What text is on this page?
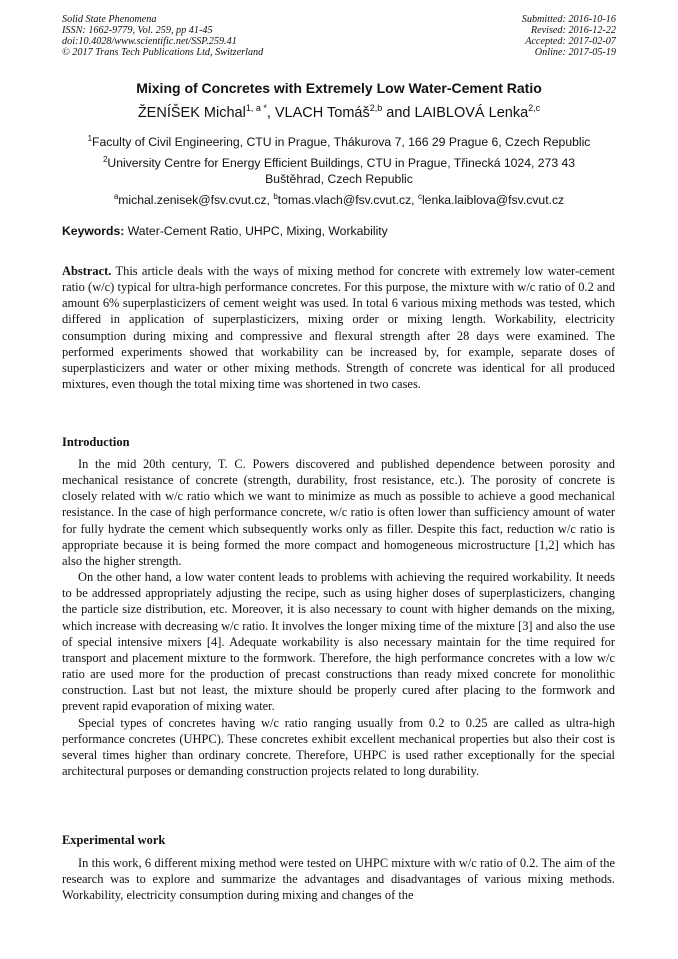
Solid State Phenomena
ISSN: 1662-9779, Vol. 259, pp 41-45
doi:10.4028/www.scientific.net/SSP.259.41
© 2017 Trans Tech Publications Ltd, Switzerland
Submitted: 2016-10-16
Revised: 2016-12-22
Accepted: 2017-02-07
Online: 2017-05-19
Mixing of Concretes with Extremely Low Water-Cement Ratio
ŽENÍŠEK Michal$^{1, a *}$, VLACH Tomáš$^{2,b}$ and LAIBLOVÁ Lenka$^{2,c}$
$^1$Faculty of Civil Engineering, CTU in Prague, Thákurova 7, 166 29 Prague 6, Czech Republic
$^2$University Centre for Energy Efficient Buildings, CTU in Prague, Třinecká 1024, 273 43
Buštěhrad, Czech Republic
$^a$michal.zenisek@fsv.cvut.cz, $^b$tomas.vlach@fsv.cvut.cz, $^c$lenka.laiblova@fsv.cvut.cz
Keywords: Water-Cement Ratio, UHPC, Mixing, Workability

Abstract. This article deals with the ways of mixing method for concrete with extremely low water-cement ratio (w/c) typical for ultra-high performance concretes. For this purpose, the mixture with w/c ratio of 0.2 and amount 6% superplasticizers of cement weight was used. In total 6 various mixing methods was tested, which differed in application of superplasticizers, mixing order or mixing length. Workability, electricity consumption during mixing and compressive and flexural strength after 28 days were examined. The performed experiments showed that workability can be increased by, for example, separate doses of superplasticizers and water or other mixing methods. Strength of concrete was identical for all produced mixtures, even though the total mixing time was shortened in two cases.

Introduction

In the mid 20th century, T. C. Powers discovered and published dependence between porosity and mechanical resistance of concrete (strength, durability, frost resistance, etc.). The porosity of concrete is closely related with w/c ratio which we want to minimize as much as possible to achieve a good mechanical resistance. In the case of high performance concrete, w/c ratio is often lower than sufficiency amount of water for fully hydrate the cement which subsequently works only as filler. Despite this fact, reduction w/c ratio is appropriate because it is being formed the more compact and homogeneous microstructure [1,2] which has also the higher strength.

On the other hand, a low water content leads to problems with achieving the required workability. It needs to be addressed appropriately adjusting the recipe, such as using higher doses of superplasticizers, changing the particle size distribution, etc. Moreover, it is also necessary to count with higher demands on the mixing, which increase with decreasing w/c ratio. It involves the longer mixing time of the mixture [3] and also the use of special intensive mixers [4]. Adequate workability is also necessary maintain for the time required for transport and placement mixture to the formwork. Therefore, the high performance concretes with a low w/c ratio are used more for the production of precast constructions than ready mixed concrete for monolithic construction. Last but not least, the mixture should be properly cured after placing to the formwork and prevent rapid evaporation of mixing water.

Special types of concretes having w/c ratio ranging usually from 0.2 to 0.25 are called as ultra-high performance concretes (UHPC). These concretes exhibit excellent mechanical properties but also their cost is several times higher than ordinary concrete. Therefore, UHPC is used rather exceptionally for the special architectural purposes or demanding construction projects related to long durability.

Experimental work

In this work, 6 different mixing method were tested on UHPC mixture with w/c ratio of 0.2. The aim of the research was to explore and summarize the advantages and disadvantages of various mixing methods. Workability, electricity consumption during mixing and changes of the
